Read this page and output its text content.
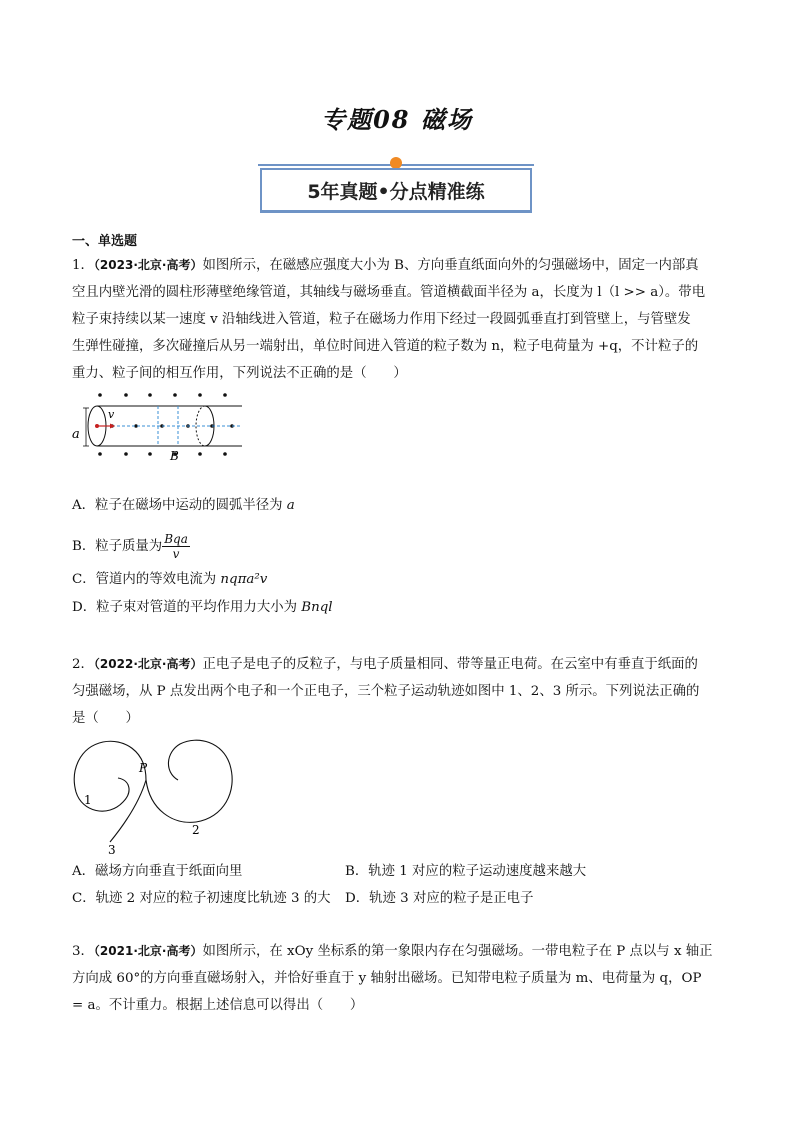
专题08 磁场
5年真题•分点精准练
一、单选题
1．（2023·北京·高考）如图所示，在磁感应强度大小为 B、方向垂直纸面向外的匀强磁场中，固定一内部真
空且内壁光滑的圆柱形薄壁绝缘管道，其轴线与磁场垂直。管道横截面半径为 a，长度为 l（l >> a）。带电
粒子束持续以某一速度 v 沿轴线进入管道，粒子在磁场力作用下经过一段圆弧垂直打到管壁上，与管壁发
生弹性碰撞，多次碰撞后从另一端射出，单位时间进入管道的粒子数为 n，粒子电荷量为 +q，不计粒子的
重力、粒子间的相互作用，下列说法不正确的是（　　）
a
v
B
A．粒子在磁场中运动的圆弧半径为 a
B．粒子质量为 $\frac{\text{Bqa}}{v}$
C．管道内的等效电流为 nqπa²v
D．粒子束对管道的平均作用力大小为 Bnql
2．（2022·北京·高考）正电子是电子的反粒子，与电子质量相同、带等量正电荷。在云室中有垂直于纸面的
匀强磁场，从 P 点发出两个电子和一个正电子，三个粒子运动轨迹如图中 1、2、3 所示。下列说法正确的
是（　　）
P
1
2
3
A．磁场方向垂直于纸面向里	B．轨迹 1 对应的粒子运动速度越来越大
C．轨迹 2 对应的粒子初速度比轨迹 3 的大 D．轨迹 3 对应的粒子是正电子
3．（2021·北京·高考）如图所示，在 xOy 坐标系的第一象限内存在匀强磁场。一带电粒子在 P 点以与 x 轴正
方向成 60°的方向垂直磁场射入，并恰好垂直于 y 轴射出磁场。已知带电粒子质量为 m、电荷量为 q，OP
= a。不计重力。根据上述信息可以得出（　　）
